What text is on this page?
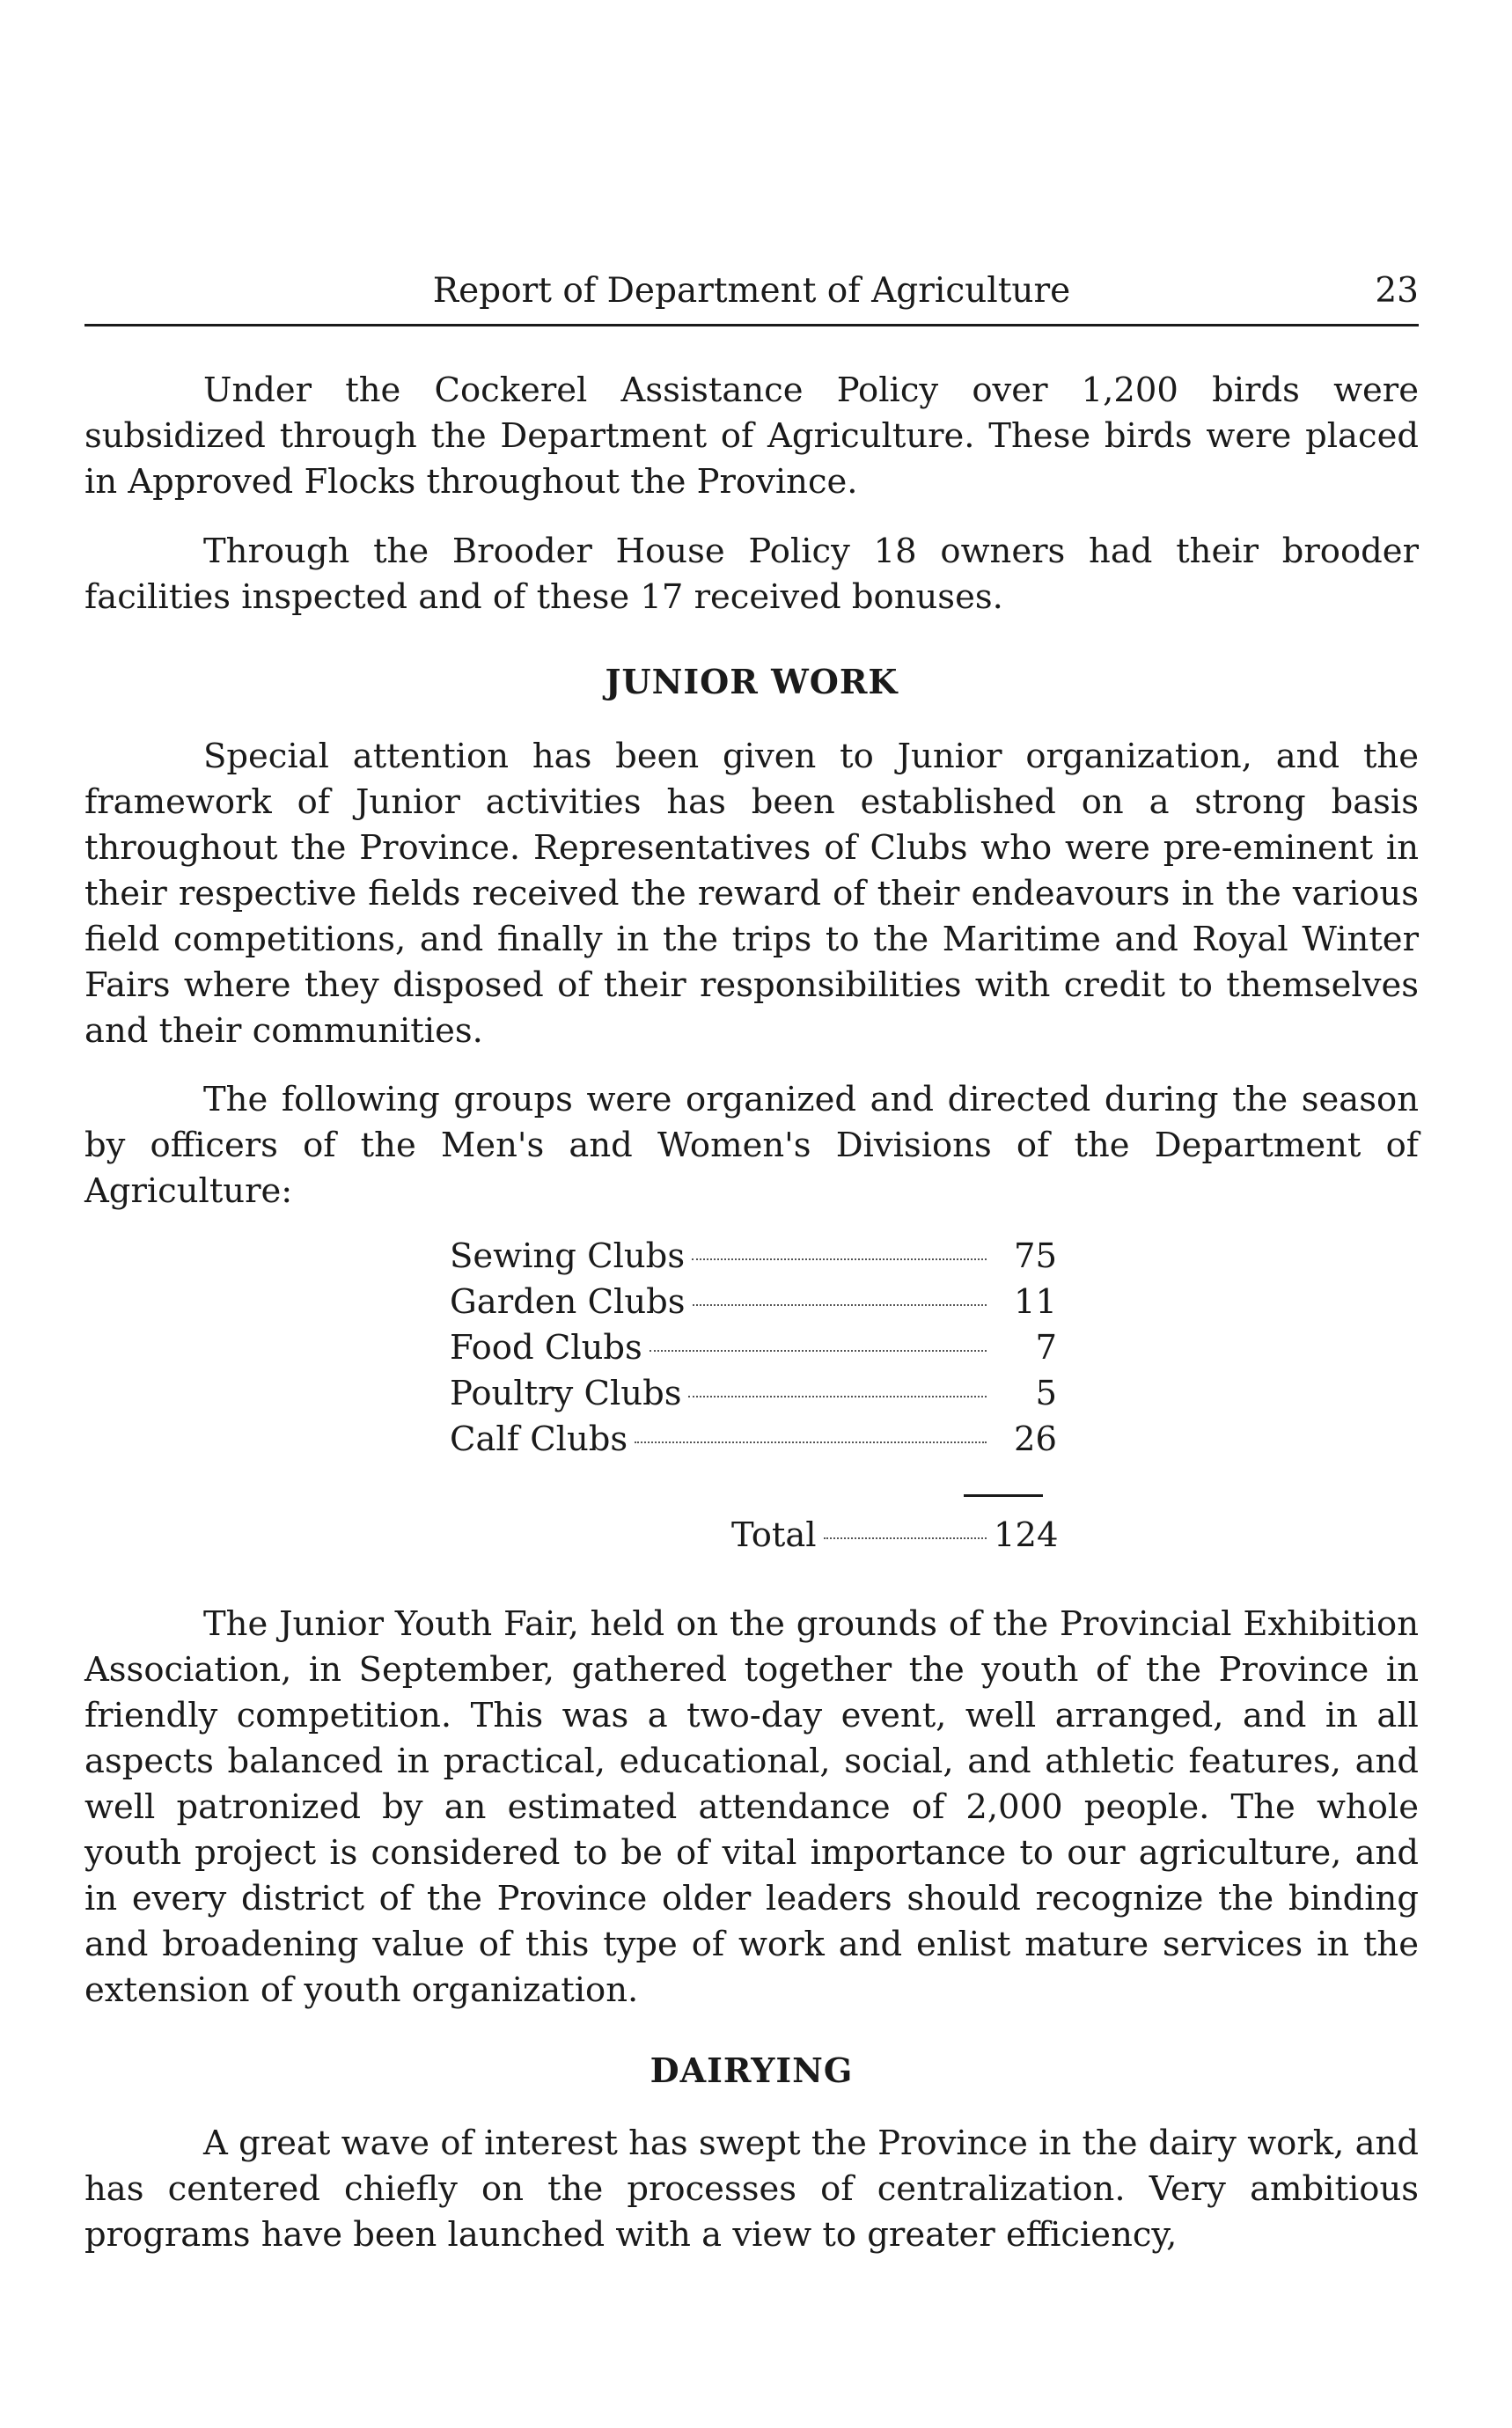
Report of Department of Agriculture	23

Under the Cockerel Assistance Policy over 1,200 birds were subsidized through the Department of Agriculture. These birds were placed in Approved Flocks throughout the Province.

Through the Brooder House Policy 18 owners had their brooder facilities inspected and of these 17 received bonuses.

JUNIOR WORK

Special attention has been given to Junior organization, and the framework of Junior activities has been established on a strong basis throughout the Province. Representatives of Clubs who were pre-eminent in their respective fields received the reward of their endeavours in the various field competitions, and finally in the trips to the Maritime and Royal Winter Fairs where they disposed of their responsibilities with credit to themselves and their communities.

The following groups were organized and directed during the season by officers of the Men's and Women's Divisions of the Department of Agriculture:

Sewing Clubs	75
Garden Clubs	11
Food Clubs	7
Poultry Clubs	5
Calf Clubs	26
Total	124

The Junior Youth Fair, held on the grounds of the Provincial Exhibition Association, in September, gathered together the youth of the Province in friendly competition. This was a two-day event, well arranged, and in all aspects balanced in practical, educational, social, and athletic features, and well patronized by an estimated attendance of 2,000 people. The whole youth project is considered to be of vital importance to our agriculture, and in every district of the Province older leaders should recognize the binding and broadening value of this type of work and enlist mature services in the extension of youth organization.

DAIRYING

A great wave of interest has swept the Province in the dairy work, and has centered chiefly on the processes of centralization. Very ambitious programs have been launched with a view to greater efficiency,
